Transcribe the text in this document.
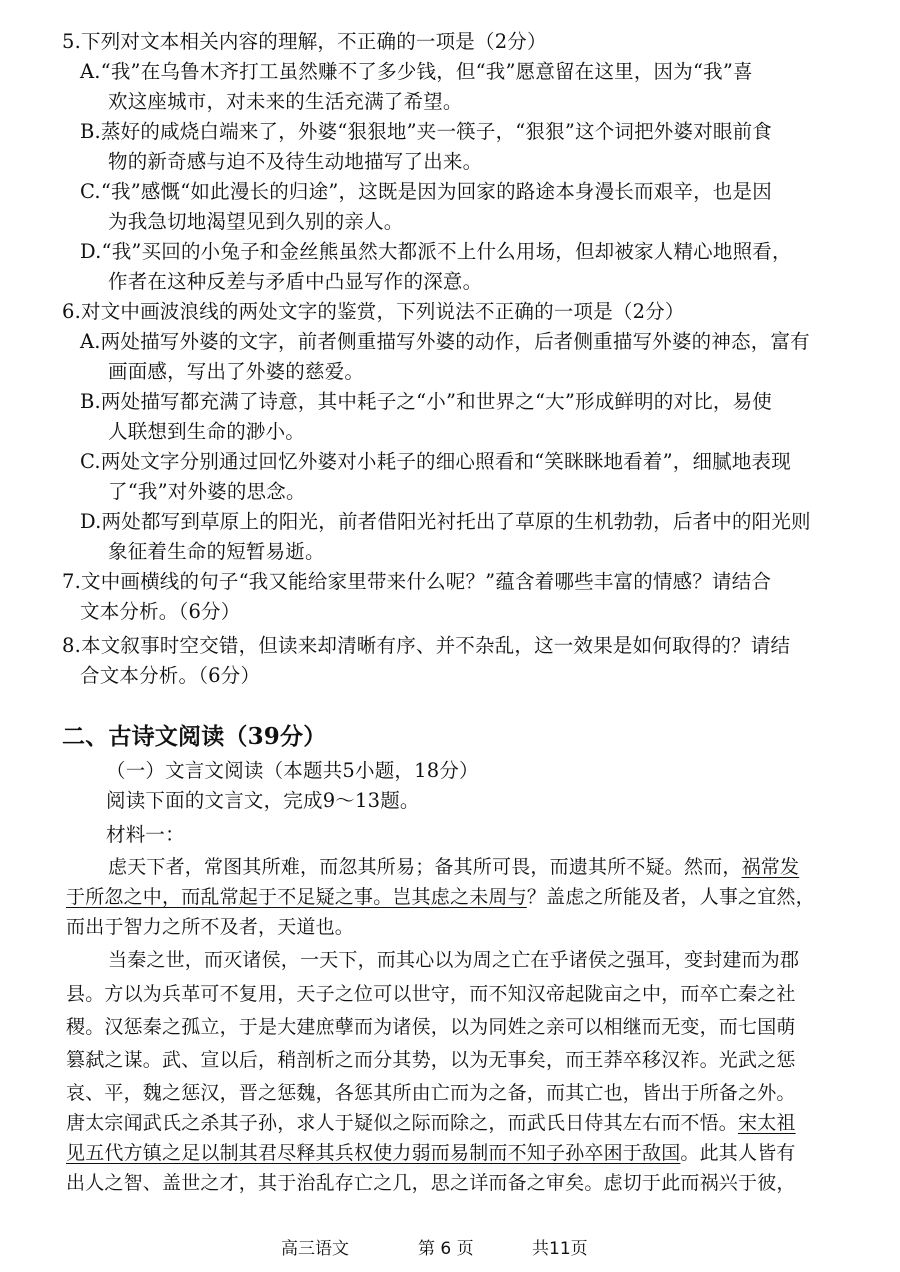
5.下列对文本相关内容的理解，不正确的一项是（2分）
A.“我”在乌鲁木齐打工虽然赚不了多少钱，但“我”愿意留在这里，因为“我”喜
欢这座城市，对未来的生活充满了希望。
B.蒸好的咸烧白端来了，外婆“狠狠地”夹一筷子，“狠狠”这个词把外婆对眼前食
物的新奇感与迫不及待生动地描写了出来。
C.“我”感慨“如此漫长的归途”，这既是因为回家的路途本身漫长而艰辛，也是因
为我急切地渴望见到久别的亲人。
D.“我”买回的小兔子和金丝熊虽然大都派不上什么用场，但却被家人精心地照看，
作者在这种反差与矛盾中凸显写作的深意。
6.对文中画波浪线的两处文字的鉴赏，下列说法不正确的一项是（2分）
A.两处描写外婆的文字，前者侧重描写外婆的动作，后者侧重描写外婆的神态，富有
画面感，写出了外婆的慈爱。
B.两处描写都充满了诗意，其中耗子之“小”和世界之“大”形成鲜明的对比，易使
人联想到生命的渺小。
C.两处文字分别通过回忆外婆对小耗子的细心照看和“笑眯眯地看着”，细腻地表现
了“我”对外婆的思念。
D.两处都写到草原上的阳光，前者借阳光衬托出了草原的生机勃勃，后者中的阳光则
象征着生命的短暂易逝。
7.文中画横线的句子“我又能给家里带来什么呢？”蕴含着哪些丰富的情感？请结合
文本分析。（6分）
8.本文叙事时空交错，但读来却清晰有序、并不杂乱，这一效果是如何取得的？请结
合文本分析。（6分）
二、古诗文阅读（39分）
（一）文言文阅读（本题共5小题，18分）
阅读下面的文言文，完成9～13题。
材料一：
虑天下者，常图其所难，而忽其所易；备其所可畏，而遗其所不疑。然而，祸常发
于所忽之中，而乱常起于不足疑之事。岂其虑之未周与？盖虑之所能及者，人事之宜然，
而出于智力之所不及者，天道也。
当秦之世，而灭诸侯，一天下，而其心以为周之亡在乎诸侯之强耳，变封建而为郡
县。方以为兵革可不复用，天子之位可以世守，而不知汉帝起陇亩之中，而卒亡秦之社
稷。汉惩秦之孤立，于是大建庶孽而为诸侯，以为同姓之亲可以相继而无变，而七国萌
篡弑之谋。武、宣以后，稍剖析之而分其势，以为无事矣，而王莽卒移汉祚。光武之惩
哀、平，魏之惩汉，晋之惩魏，各惩其所由亡而为之备，而其亡也，皆出于所备之外。
唐太宗闻武氏之杀其子孙，求人于疑似之际而除之，而武氏日侍其左右而不悟。宋太祖
见五代方镇之足以制其君尽释其兵权使力弱而易制而不知子孙卒困于敌国。此其人皆有
出人之智、盖世之才，其于治乱存亡之几，思之详而备之审矣。虑切于此而祸兴于彼，
高三语文	第 6 页	共11页
